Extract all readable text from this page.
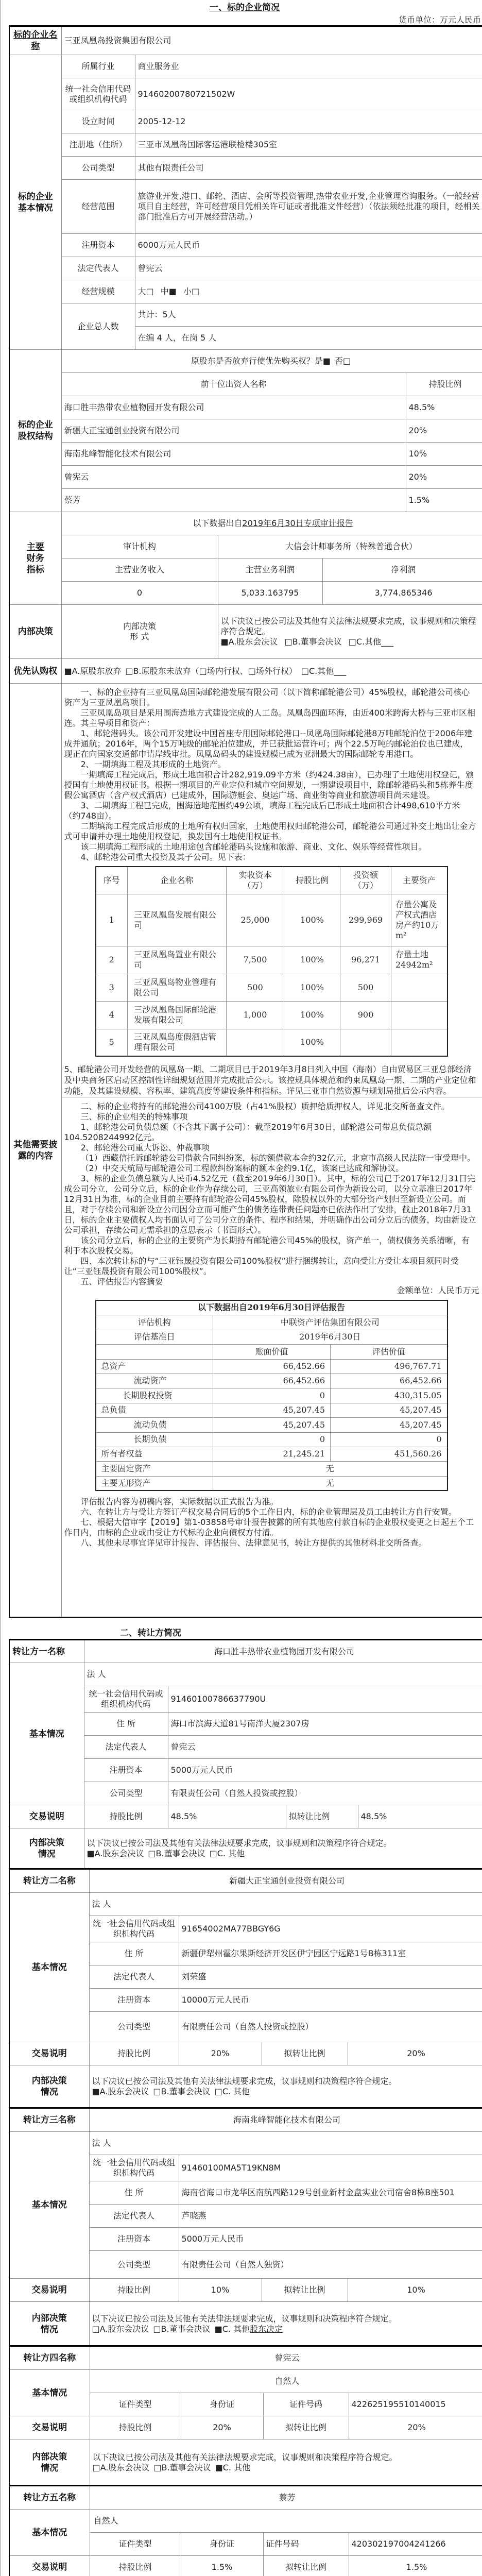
一、标的企业简况
货币单位：万元人民币
标的企业名
称
	三亚凤凰岛投资集团有限公司

标的企业
基本情况
	所属行业	商业服务业

统一社会信用代码
或组织机构代码
	91460200780721502W
设立时间	2005-12-12
注册地（住所）	三亚市凤凰岛国际客运港联检楼305室
公司类型	其他有限责任公司
经营范围	旅游业开发,港口、邮轮、酒店、会所等投资管理,热带农业开发,企业管理咨询服务。（一般经营项目自主经营，许可经营项目凭相关许可证或者批准文件经营）（依法须经批准的项目，经相关部门批准后方可开展经营活动。）
注册资本	6000万元人民币
法定代表人	曾宪云
经营规模	大□ 中■ 小□
企业总人数	共计：5人
在编 4 人，在岗 5 人

标的企业
股权结构
	原股东是否放弃行使优先购买权？是■ 否□
前十位出资人名称	持股比例
海口胜丰热带农业植物园开发有限公司	48.5%
新疆大正宝通创业投资有限公司	20%
海南兆峰智能化技术有限公司	10%
曾宪云	20%
蔡芳	1.5%

主要
财务
指标
	以下数据出自2019年6月30日专项审计报告
审计机构	大信会计师事务所（特殊普通合伙）
主营业务收入	主营业务利润	净利润
0	5,033.163795	3,774.865346
内部决策	
内部决策
形 式

以下决议已按公司法及其他有关法律法规要求完成，议事规则和决策程序符合规定。
■A.股东会决议 □B.董事会决议 □C.其他___

优先认购权	■A.原股东放弃 □B.原股东未放弃（□场内行权、□场外行权） □C.其他___

其他需要披
露的内容

一、标的企业持有三亚凤凰岛国际邮轮港发展有限公司（以下简称邮轮港公司）45%股权，邮轮港公司核心资产为三亚凤凰岛项目。

三亚凤凰岛项目是采用围海造地方式建设完成的人工岛。凤凰岛四面环海，由近400米跨海大桥与三亚市区相连。其主导项目和资产：

1、邮轮港码头。该公司开发建设中国首座专用国际邮轮港口--凤凰岛国际邮轮港8万吨邮轮泊位于2006年建成并通航；2016年，两个15万吨级的邮轮泊位建成，并已获批运营许可；两个22.5万吨的邮轮泊位也已建成，现正在向国家交通部申请岸线审批。凤凰岛码头的建设规模已成为亚洲最大的国际邮轮专用港口。

2、一期填海工程及其形成的土地资产。

一期填海工程完成后，形成土地面积合计282,919.09平方米（约424.38亩），已办理了土地使用权登记，颁授国有土地使用权证书。根据一期项目的产业定位和城市空间规划，一期建设项目中，除邮轮港码头和5栋养生度假公寓酒店（含产权式酒店）已建成外，国际游艇会、奥运广场、商业街等商业和旅游项目尚未建设。

3、二期填海工程已完成，围海造地范围约49公顷，填海工程完成后已形成土地面积合计498,610平方米（约748亩）。

二期填海工程完成后形成的土地所有权归国家，土地使用权归邮轮港公司，邮轮港公司通过补交土地出让金方式可申请并办理土地使用权登记，换发国有土地使用权证书。

该二期填海工程形成的土地用途包含邮轮港码头设施和旅游、商业、文化、娱乐等经营性项目。

4、邮轮港公司重大投资及其子公司。见下表：

序号	企业名称	实收资本（万）	持股比例	投资额（万）	主要资产
1	三亚凤凰岛发展有限公司	25,000	100%	299,969	存量公寓及产权式酒店房产约10万m²
2	三亚凤凰岛置业有限公司	7,500	100%	96,271	存量土地24942m²
3	三亚凤凰岛物业管理有限公司	500	100%	500	
4	三沙凤凰岛国际邮轮港发展有限公司	1,000	100%	900	
5	三亚凤凰岛度假酒店管理有限公司		100%		

5、邮轮港公司开发经营的凤凰岛一期、二期项目已于2019年3月8日列入中国（海南）自由贸易区三亚总部经济及中央商务区启动区控制性详细规划范围并完成批后公示。该控规具体规范和约束凤凰岛一期、二期的产业定位和功能，及其建设规模、容积率、建筑高度等建设条件和指标。详见三亚市自然资源与规划局批后公示内容。

二、标的企业将持有的邮轮港公司4100万股（占41%股权）质押给质押权人，详见北交所备查文件。

三、标的企业相关的特殊事项

1、邮轮港公司负债总额（不含其下属子公司）：截至2019年6月30日，邮轮港公司带息负债总额104.5208244992亿元。

2、邮轮港公司重大诉讼、仲裁事项

（1）西藏信托诉邮轮港公司借款合同纠纷案，标的额借款本金约32亿元，北京市高级人民法院一审受理中。

（2）中交天航局与邮轮港公司工程款纠纷案标的额本金约9.1亿，该案已达成和解协议。

3、标的企业负债总额为人民币4.52亿元（截至2019年6月30日）。其中，标的公司已于2017年12月31日完成公司分立，公司分立后，标的企业作为存续公司，三亚高领旅业有限公司作为新设公司，以分立基准日2017年12月31日为准，标的企业目前主要持有邮轮港公司45%股权，除股权以外的大部分资产划归至新设立公司。而且，对于存续公司和新设立公司因分立而可能产生的债务连带责任问题亦已依法作出了安排，截止2018年7月31日，标的企业主要债权人均书面认可了公司分立的条件、程序和结果，并明确作出公司分立后的债务，均由新设立公司承担，存续公司无需承担的意思表示（书面形式）。

该公司分立后，标的企业的主要资产为长期持有邮轮港公司45%的股权，资产单一，债权债务关系清晰，有利于本次股权交易。

四、本次转让标的与“三亚钰晟投资有限公司100%股权”进行捆绑转让，意向受让方受让本项目须同时受让“三亚钰晟投资有限公司100%股权”。

五、评估报告内容摘要

金额单位：人民币万元
以下数据出自2019年6月30日评估报告
评估机构	中联资产评估集团有限公司
评估基准日	2019年6月30日
	账面价值	评估价值
总资产	66,452.66	496,767.71
流动资产	66,452.66	66,452.66
长期股权投资	0	430,315.05
总负债	45,207.45	45,207.45
流动负债	45,207.45	45,207.45
长期负债	0	0
所有者权益	21,245.21	451,560.26
主要固定资产	无
主要无形资产	无

评估报告内容为初稿内容，实际数据以正式报告为准。

六、在转让方与受让方签订产权交易合同后的5个工作日内，标的企业管理层及员工由转让方自行安置。

七、根据大信审字【2019】第1-03858号审计报告披露的所有其他应付款自标的企业股权变更之日起五个工作日内，由标的企业或由受让方代标的企业向债权方付清。

八、其他未尽事宜详见审计报告、评估报告、法律意见书，转让方提供的其他材料北交所备查。

二、转让方简况
转让方一名称	海口胜丰热带农业植物园开发有限公司			
基本情况	法 人			
	统一社会信用代码或组织机构代码	91460100786637790U		
	住 所	海口市滨海大道81号南洋大厦2307房		
	法定代表人	曾宪云		
	注册资本	5000万元人民币		
	公司类型	有限责任公司（自然人投资或控股）		
交易说明	持股比例	48.5%	拟转让比例	48.5%

内部决策
情况	以下决议已按公司法及其他有关法律法规要求完成，议事规则和决策程序符合规定。
■A.股东会决议 □B.董事会决议 □C. 其他			
转让方二名称	新疆大正宝通创业投资有限公司			
基本情况	法 人			
	统一社会信用代码或组织机构代码	91654002MA77BBGY6G		
	住 所	新疆伊犁州霍尔果斯经济开发区伊宁园区宁远路1号B栋311室		
	法定代表人	刘荣盛		
	注册资本	10000万元人民币		
	公司类型	有限责任公司（自然人投资或控股）		
交易说明	持股比例	20%	拟转让比例	20%

内部决策
情况	以下决议已按公司法及其他有关法律法规要求完成，议事规则和决策程序符合规定。
■A.股东会决议 □B.董事会决议 □C. 其他			
转让方三名称	海南兆峰智能化技术有限公司			
基本情况	法 人			
	统一社会信用代码或组织机构代码	91460100MA5T19KN8M		
	住 所	海南省海口市龙华区南航西路129号创业新村金盘实业公司宿舍8栋B座501		
	法定代表人	芦晓燕		
	注册资本	5000万元人民币		
	公司类型	有限责任公司（自然人独资）		
交易说明	持股比例	10%	拟转让比例	10%

内部决策
情况	以下决议已按公司法及其他有关法律法规要求完成，议事规则和决策程序符合规定。
□A.股东会决议 □B.董事会决议 ■C. 其他股东决定			
转让方四名称	曾宪云			
基本情况	自然人			
	证件类型	身份证	证件号码	422625195510140015
交易说明	持股比例	20%	拟转让比例	20%

内部决策
情况	以下决议已按公司法及其他有关法律法规要求完成，议事规则和决策程序符合规定。
□A.股东会决议 □B.董事会决议 ■C. 其他			
转让方五名称	蔡芳			
基本情况	自然人			
	证件类型	身份证	证件号码	420302197004241266
交易说明	持股比例	1.5%	拟转让比例	1.5%
